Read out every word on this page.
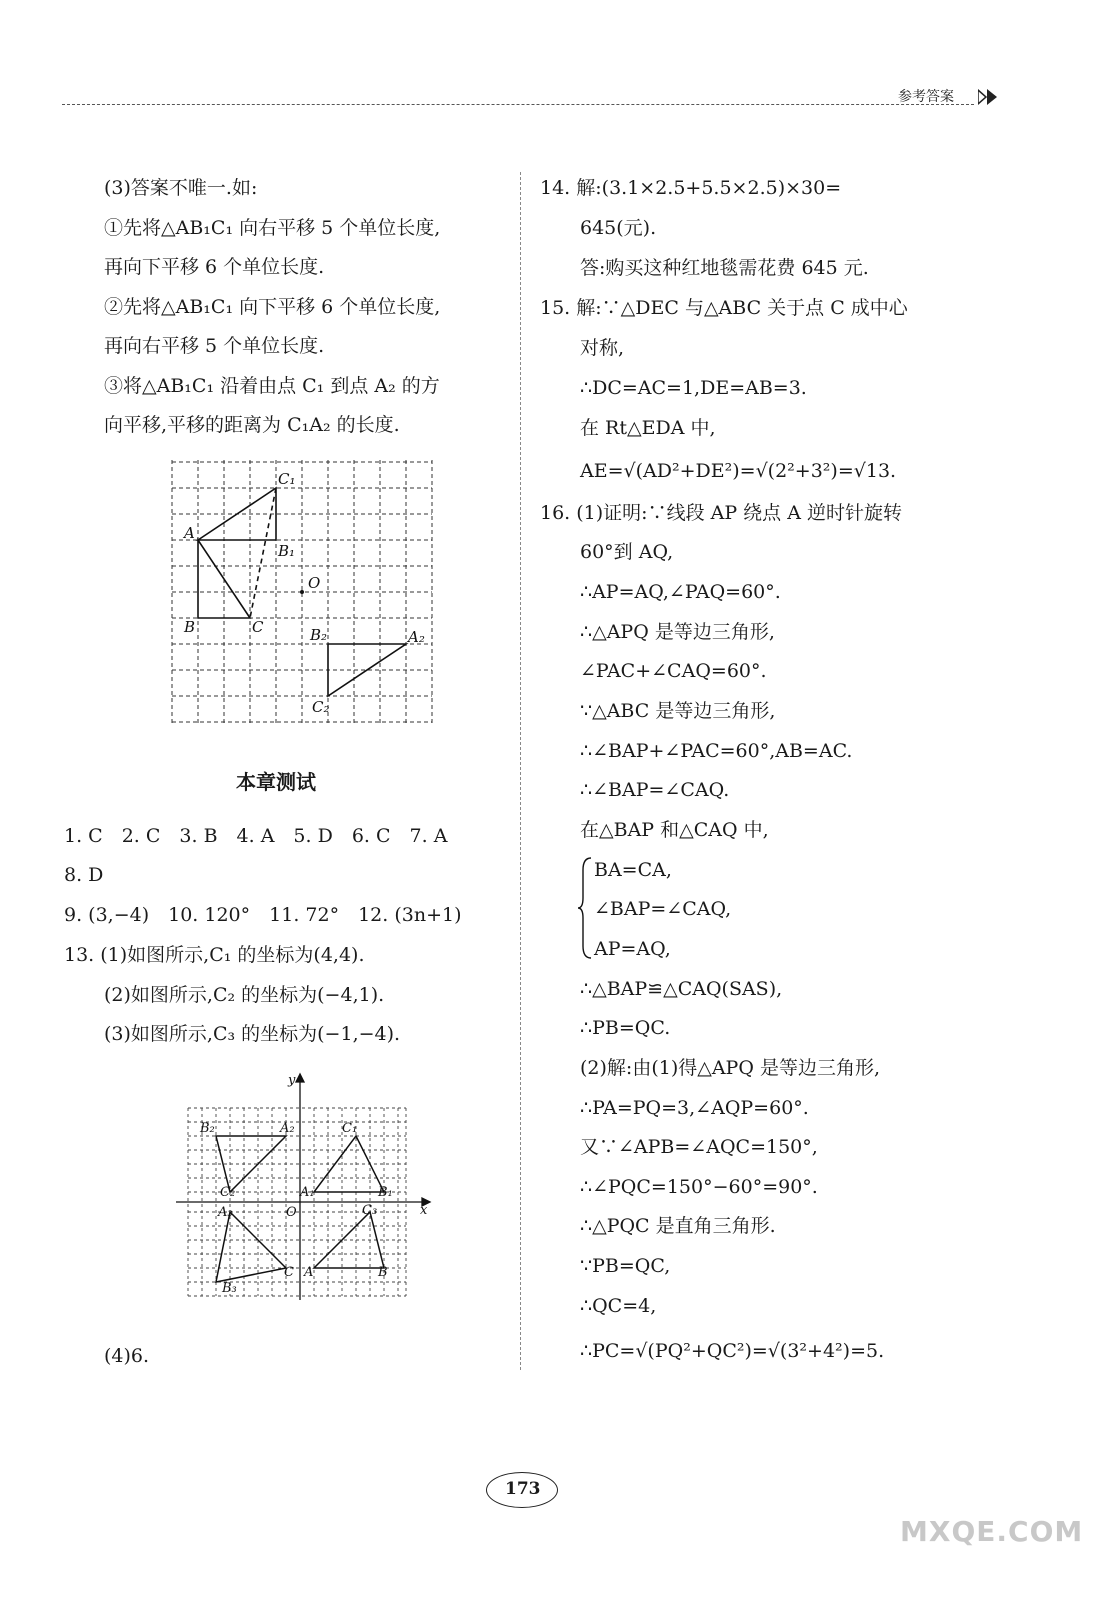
参考答案
(3)答案不唯一.如:
①先将△AB₁C₁ 向右平移 5 个单位长度,
再向下平移 6 个单位长度.
②先将△AB₁C₁ 向下平移 6 个单位长度,
再向右平移 5 个单位长度.
③将△AB₁C₁ 沿着由点 C₁ 到点 A₂ 的方
向平移,平移的距离为 C₁A₂ 的长度.
C₁
A
B₁
O
B	C	B₂	A₂
C₂
本章测试
1. C　2. C　3. B　4. A　5. D　6. C　7. A
8. D
9. (3,−4)　10. 120°　11. 72°　12. (3n+1)
13. (1)如图所示,C₁ 的坐标为(4,4).
(2)如图所示,C₂ 的坐标为(−4,1).
(3)如图所示,C₃ 的坐标为(−1,−4).
y
x
O
B₂	A₂	C₁
C₂	A₁	B₁
A₃	C₃
C A	B
B₃
(4)6.
14. 解:(3.1×2.5+5.5×2.5)×30=
645(元).
答:购买这种红地毯需花费 645 元.
15. 解:∵△DEC 与△ABC 关于点 C 成中心
对称,
∴DC=AC=1,DE=AB=3.
在 Rt△EDA 中,
AE=√(AD²+DE²)=√(2²+3²)=√13.
16. (1)证明:∵线段 AP 绕点 A 逆时针旋转
60°到 AQ,
∴AP=AQ,∠PAQ=60°.
∴△APQ 是等边三角形,
∠PAC+∠CAQ=60°.
∵△ABC 是等边三角形,
∴∠BAP+∠PAC=60°,AB=AC.
∴∠BAP=∠CAQ.
在△BAP 和△CAQ 中,
BA=CA,
∠BAP=∠CAQ,
AP=AQ,
∴△BAP≌△CAQ(SAS),
∴PB=QC.
(2)解:由(1)得△APQ 是等边三角形,
∴PA=PQ=3,∠AQP=60°.
又∵∠APB=∠AQC=150°,
∴∠PQC=150°−60°=90°.
∴△PQC 是直角三角形.
∵PB=QC,
∴QC=4,
∴PC=√(PQ²+QC²)=√(3²+4²)=5.
173
MXQE.COM
